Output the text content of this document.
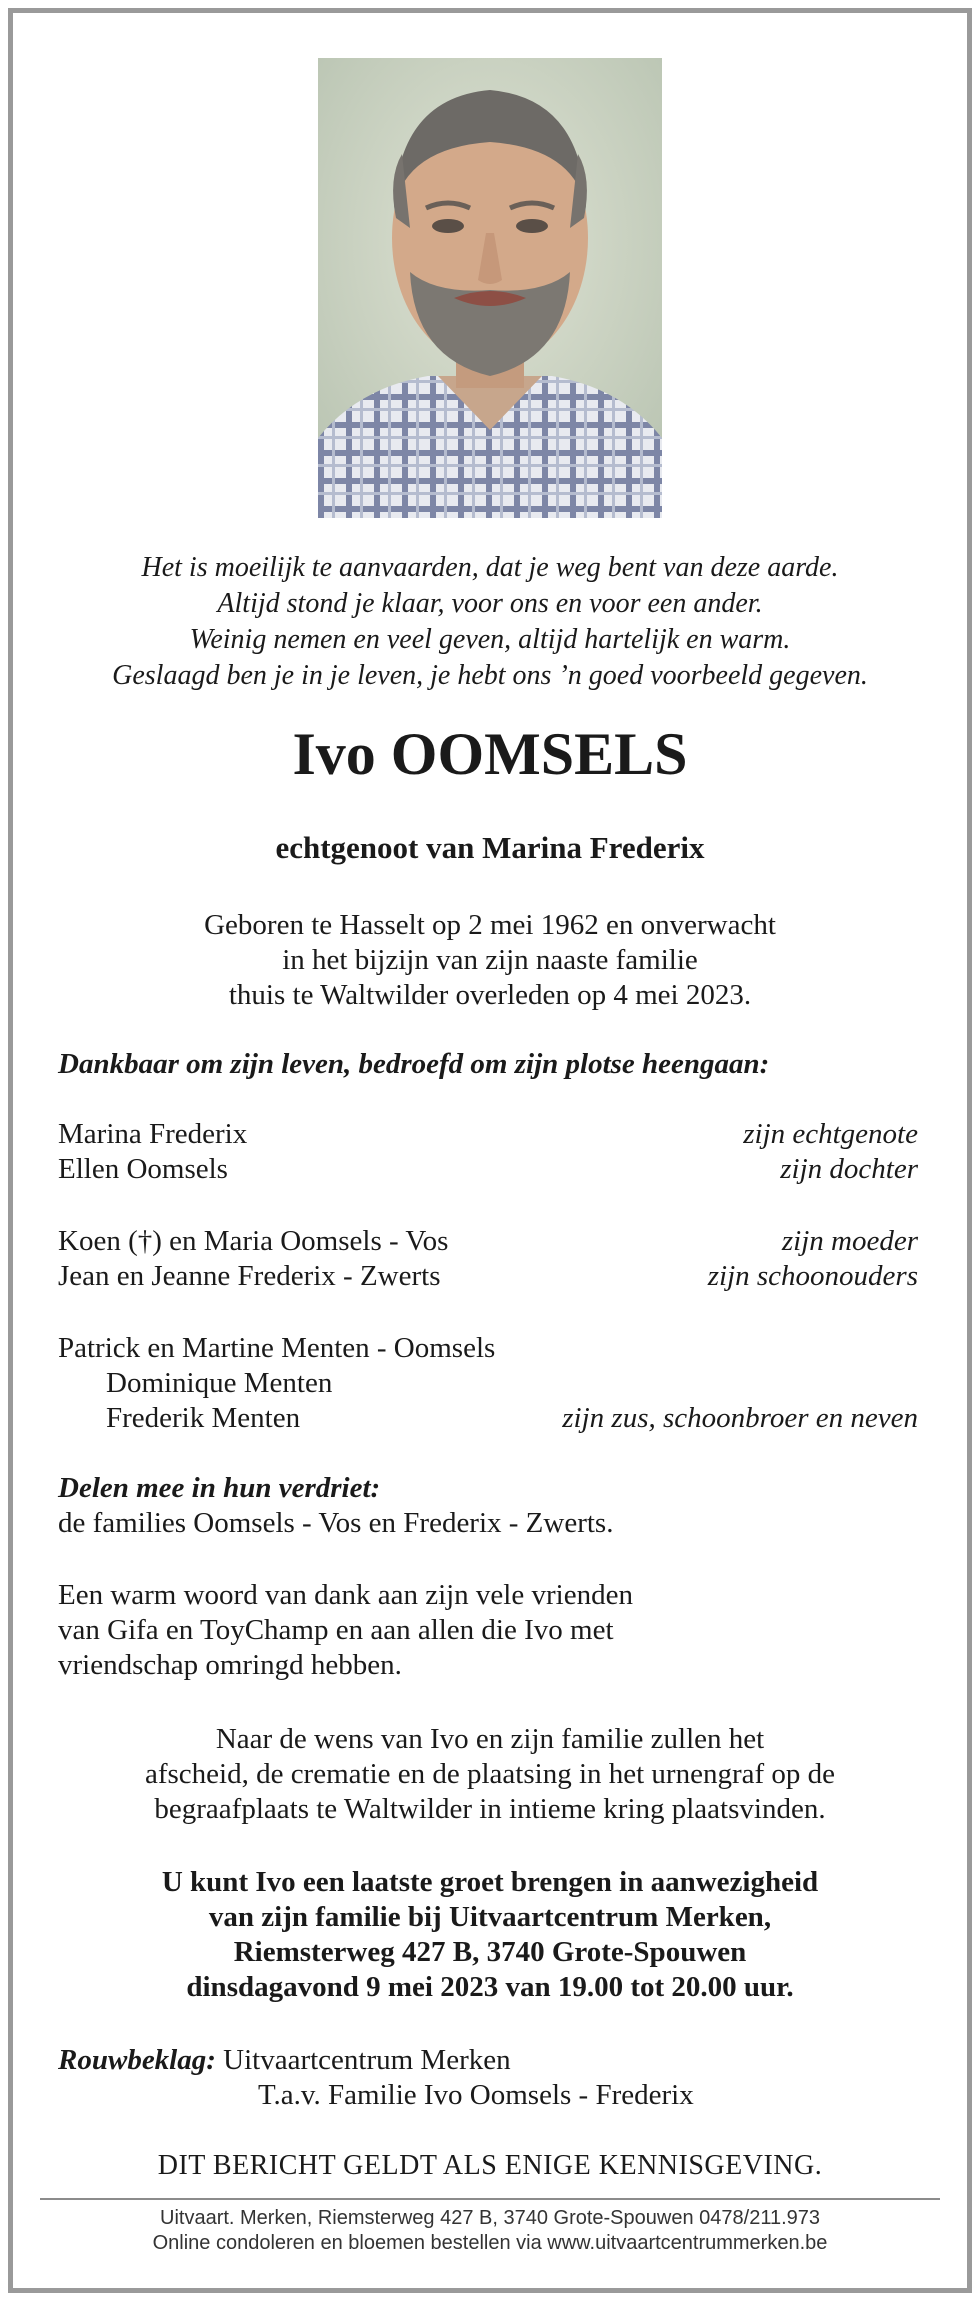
Het is moeilijk te aanvaarden, dat je weg bent van deze aarde.
Altijd stond je klaar, voor ons en voor een ander.
Weinig nemen en veel geven, altijd hartelijk en warm.
Geslaagd ben je in je leven, je hebt ons ’n goed voorbeeld gegeven.
Ivo OOMSELS
echtgenoot van Marina Frederix
Geboren te Hasselt op 2 mei 1962 en onverwacht
in het bijzijn van zijn naaste familie
thuis te Waltwilder overleden op 4 mei 2023.
Dankbaar om zijn leven, bedroefd om zijn plotse heengaan:
Marina Frederix	zijn echtgenote
Ellen Oomsels	zijn dochter
Koen (†) en Maria Oomsels - Vos	zijn moeder
Jean en Jeanne Frederix - Zwerts	zijn schoonouders
Patrick en Martine Menten - Oomsels
Dominique Menten
Frederik Menten	zijn zus, schoonbroer en neven
Delen mee in hun verdriet:
de families Oomsels - Vos en Frederix - Zwerts.
Een warm woord van dank aan zijn vele vrienden
van Gifa en ToyChamp en aan allen die Ivo met
vriendschap omringd hebben.
Naar de wens van Ivo en zijn familie zullen het
afscheid, de crematie en de plaatsing in het urnengraf op de
begraafplaats te Waltwilder in intieme kring plaatsvinden.
U kunt Ivo een laatste groet brengen in aanwezigheid
van zijn familie bij Uitvaartcentrum Merken,
Riemsterweg 427 B, 3740 Grote-Spouwen
dinsdagavond 9 mei 2023 van 19.00 tot 20.00 uur.
Rouwbeklag: Uitvaartcentrum Merken
T.a.v. Familie Ivo Oomsels - Frederix
DIT BERICHT GELDT ALS ENIGE KENNISGEVING.
Uitvaart. Merken, Riemsterweg 427 B, 3740 Grote-Spouwen 0478/211.973
Online condoleren en bloemen bestellen via www.uitvaartcentrummerken.be
